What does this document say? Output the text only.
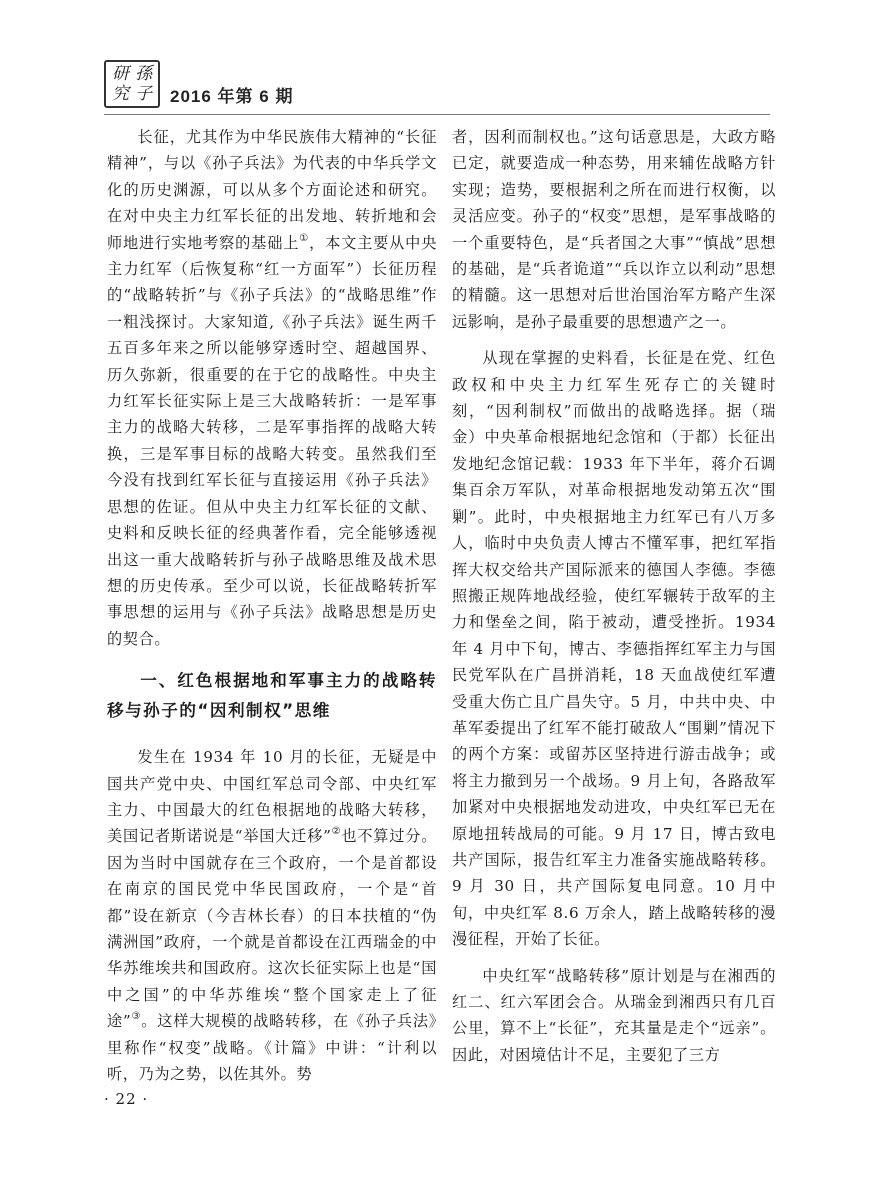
研 孫
究 子 2016 年第 6 期

长征，尤其作为中华民族伟大精神的“长征精神”，与以《孙子兵法》为代表的中华兵学文化的历史渊源，可以从多个方面论述和研究。在对中央主力红军长征的出发地、转折地和会师地进行实地考察的基础上①，本文主要从中央主力红军（后恢复称“红一方面军”）长征历程的“战略转折”与《孙子兵法》的“战略思维”作一粗浅探讨。大家知道,《孙子兵法》诞生两千五百多年来之所以能够穿透时空、超越国界、历久弥新，很重要的在于它的战略性。中央主力红军长征实际上是三大战略转折：一是军事主力的战略大转移，二是军事指挥的战略大转换，三是军事目标的战略大转变。虽然我们至今没有找到红军长征与直接运用《孙子兵法》思想的佐证。但从中央主力红军长征的文献、史料和反映长征的经典著作看，完全能够透视出这一重大战略转折与孙子战略思维及战术思想的历史传承。至少可以说，长征战略转折军事思想的运用与《孙子兵法》战略思想是历史的契合。

一、红色根据地和军事主力的战略转移与孙子的“因利制权”思维

发生在 1934 年 10 月的长征，无疑是中国共产党中央、中国红军总司令部、中央红军主力、中国最大的红色根据地的战略大转移，美国记者斯诺说是“举国大迁移”②也不算过分。因为当时中国就存在三个政府，一个是首都设在南京的国民党中华民国政府，一个是“首都”设在新京（今吉林长春）的日本扶植的“伪满洲国”政府，一个就是首都设在江西瑞金的中华苏维埃共和国政府。这次长征实际上也是“国中之国”的中华苏维埃“整个国家走上了征途”③。这样大规模的战略转移，在《孙子兵法》里称作“权变”战略。《计篇》中讲：“计利以听，乃为之势，以佐其外。势

者，因利而制权也。”这句话意思是，大政方略已定，就要造成一种态势，用来辅佐战略方针实现；造势，要根据利之所在而进行权衡，以灵活应变。孙子的“权变”思想，是军事战略的一个重要特色，是“兵者国之大事”“慎战”思想的基础，是“兵者诡道”“兵以诈立以利动”思想的精髓。这一思想对后世治国治军方略产生深远影响，是孙子最重要的思想遗产之一。

从现在掌握的史料看，长征是在党、红色政权和中央主力红军生死存亡的关键时刻，“因利制权”而做出的战略选择。据（瑞金）中央革命根据地纪念馆和（于都）长征出发地纪念馆记载：1933 年下半年，蒋介石调集百余万军队，对革命根据地发动第五次“围剿”。此时，中央根据地主力红军已有八万多人，临时中央负责人博古不懂军事，把红军指挥大权交给共产国际派来的德国人李德。李德照搬正规阵地战经验，使红军辗转于敌军的主力和堡垒之间，陷于被动，遭受挫折。1934 年 4 月中下旬，博古、李德指挥红军主力与国民党军队在广昌拼消耗，18 天血战使红军遭受重大伤亡且广昌失守。5 月，中共中央、中革军委提出了红军不能打破敌人“围剿”情况下的两个方案：或留苏区坚持进行游击战争；或将主力撤到另一个战场。9 月上旬，各路敌军加紧对中央根据地发动进攻，中央红军已无在原地扭转战局的可能。9 月 17 日，博古致电共产国际，报告红军主力准备实施战略转移。9 月 30 日，共产国际复电同意。10 月中旬，中央红军 8.6 万余人，踏上战略转移的漫漫征程，开始了长征。

中央红军“战略转移”原计划是与在湘西的红二、红六军团会合。从瑞金到湘西只有几百公里，算不上“长征”，充其量是走个“远亲”。因此，对困境估计不足，主要犯了三方

· 22 ·
